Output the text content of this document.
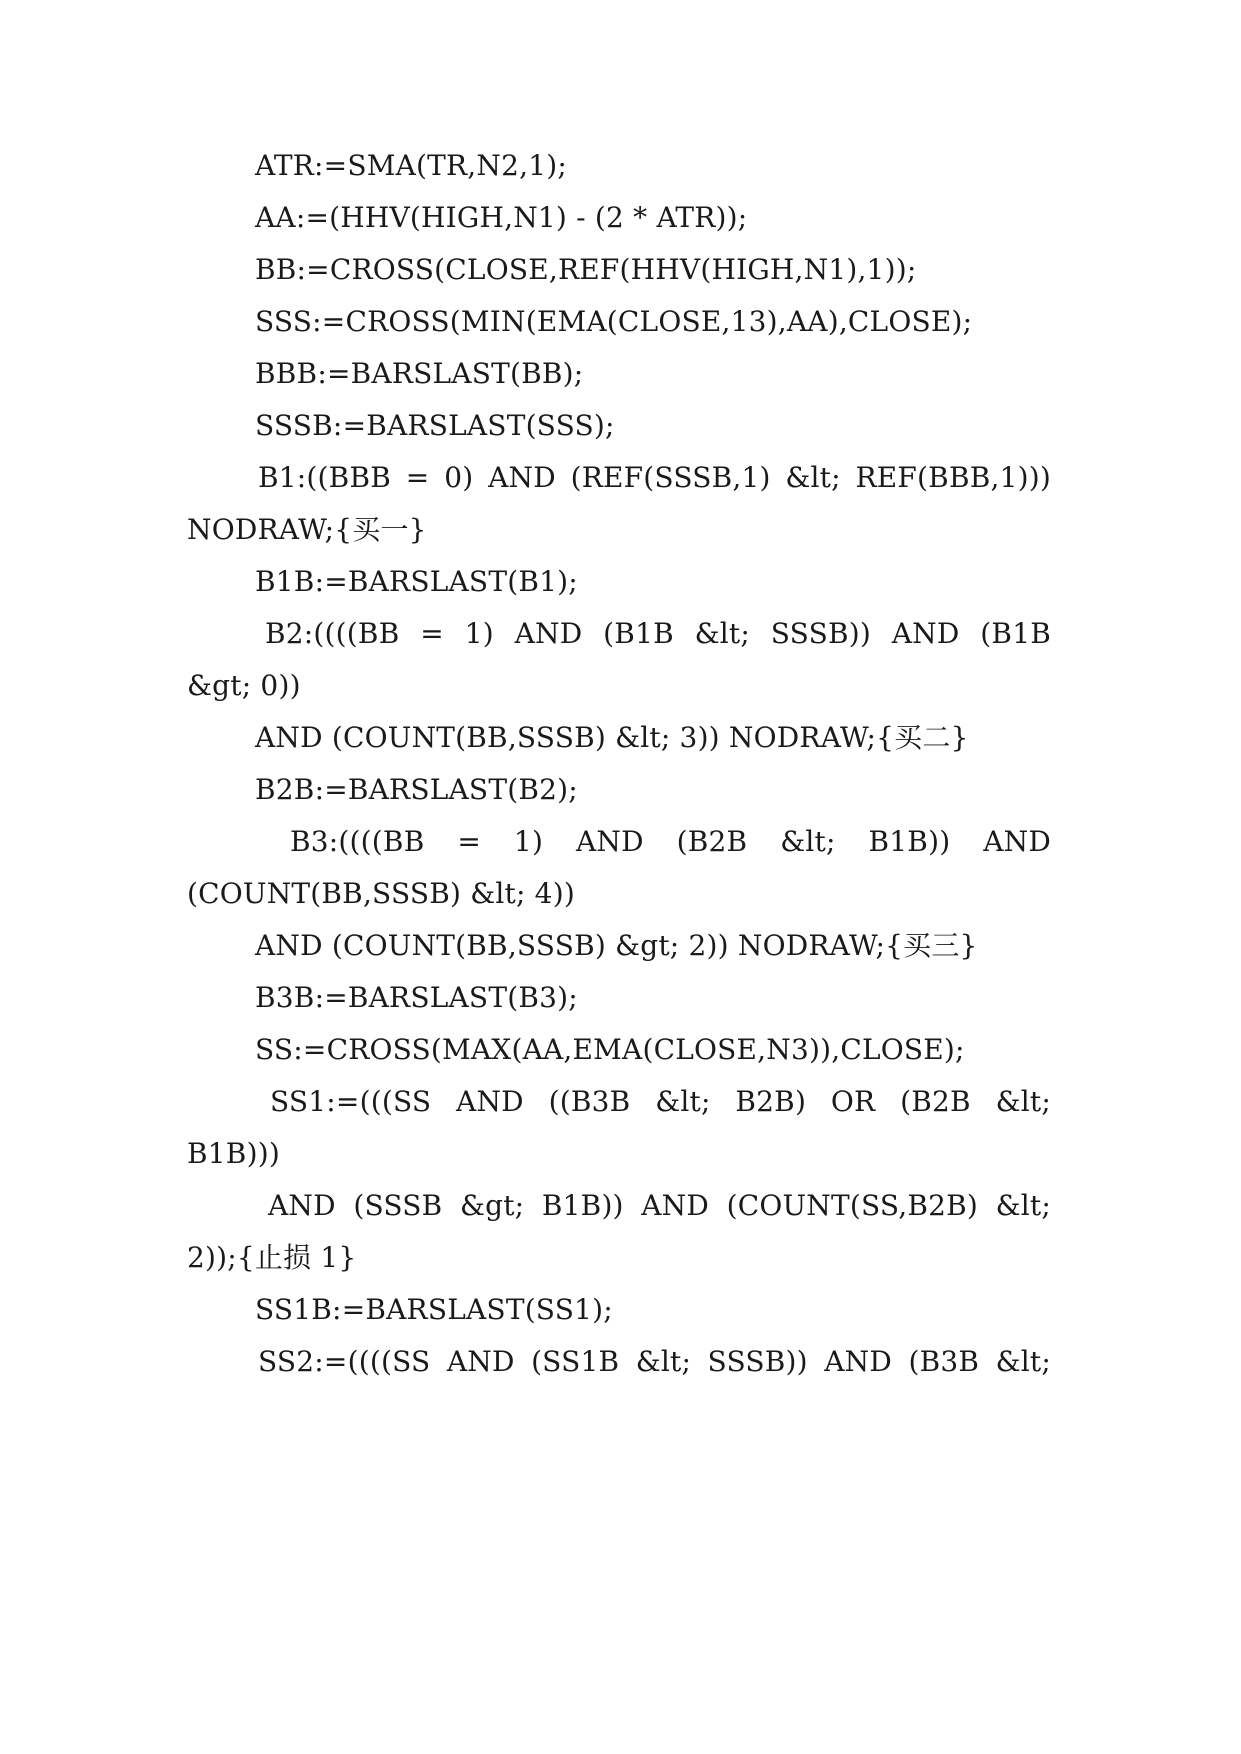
ATR:=SMA(TR,N2,1);
AA:=(HHV(HIGH,N1) - (2 * ATR));
BB:=CROSS(CLOSE,REF(HHV(HIGH,N1),1));
SSS:=CROSS(MIN(EMA(CLOSE,13),AA),CLOSE);
BBB:=BARSLAST(BB);
SSSB:=BARSLAST(SSS);
B1:((BBB = 0) AND (REF(SSSB,1) &lt; REF(BBB,1)))
NODRAW;{买一}
B1B:=BARSLAST(B1);
B2:((((BB = 1) AND (B1B &lt; SSSB)) AND (B1B
&gt; 0))
AND (COUNT(BB,SSSB) &lt; 3)) NODRAW;{买二}
B2B:=BARSLAST(B2);
B3:((((BB = 1) AND (B2B &lt; B1B)) AND
(COUNT(BB,SSSB) &lt; 4))
AND (COUNT(BB,SSSB) &gt; 2)) NODRAW;{买三}
B3B:=BARSLAST(B3);
SS:=CROSS(MAX(AA,EMA(CLOSE,N3)),CLOSE);
SS1:=(((SS AND ((B3B &lt; B2B) OR (B2B &lt;
B1B)))
AND (SSSB &gt; B1B)) AND (COUNT(SS,B2B) &lt;
2));{止损 1}
SS1B:=BARSLAST(SS1);
SS2:=((((SS AND (SS1B &lt; SSSB)) AND (B3B &lt;
